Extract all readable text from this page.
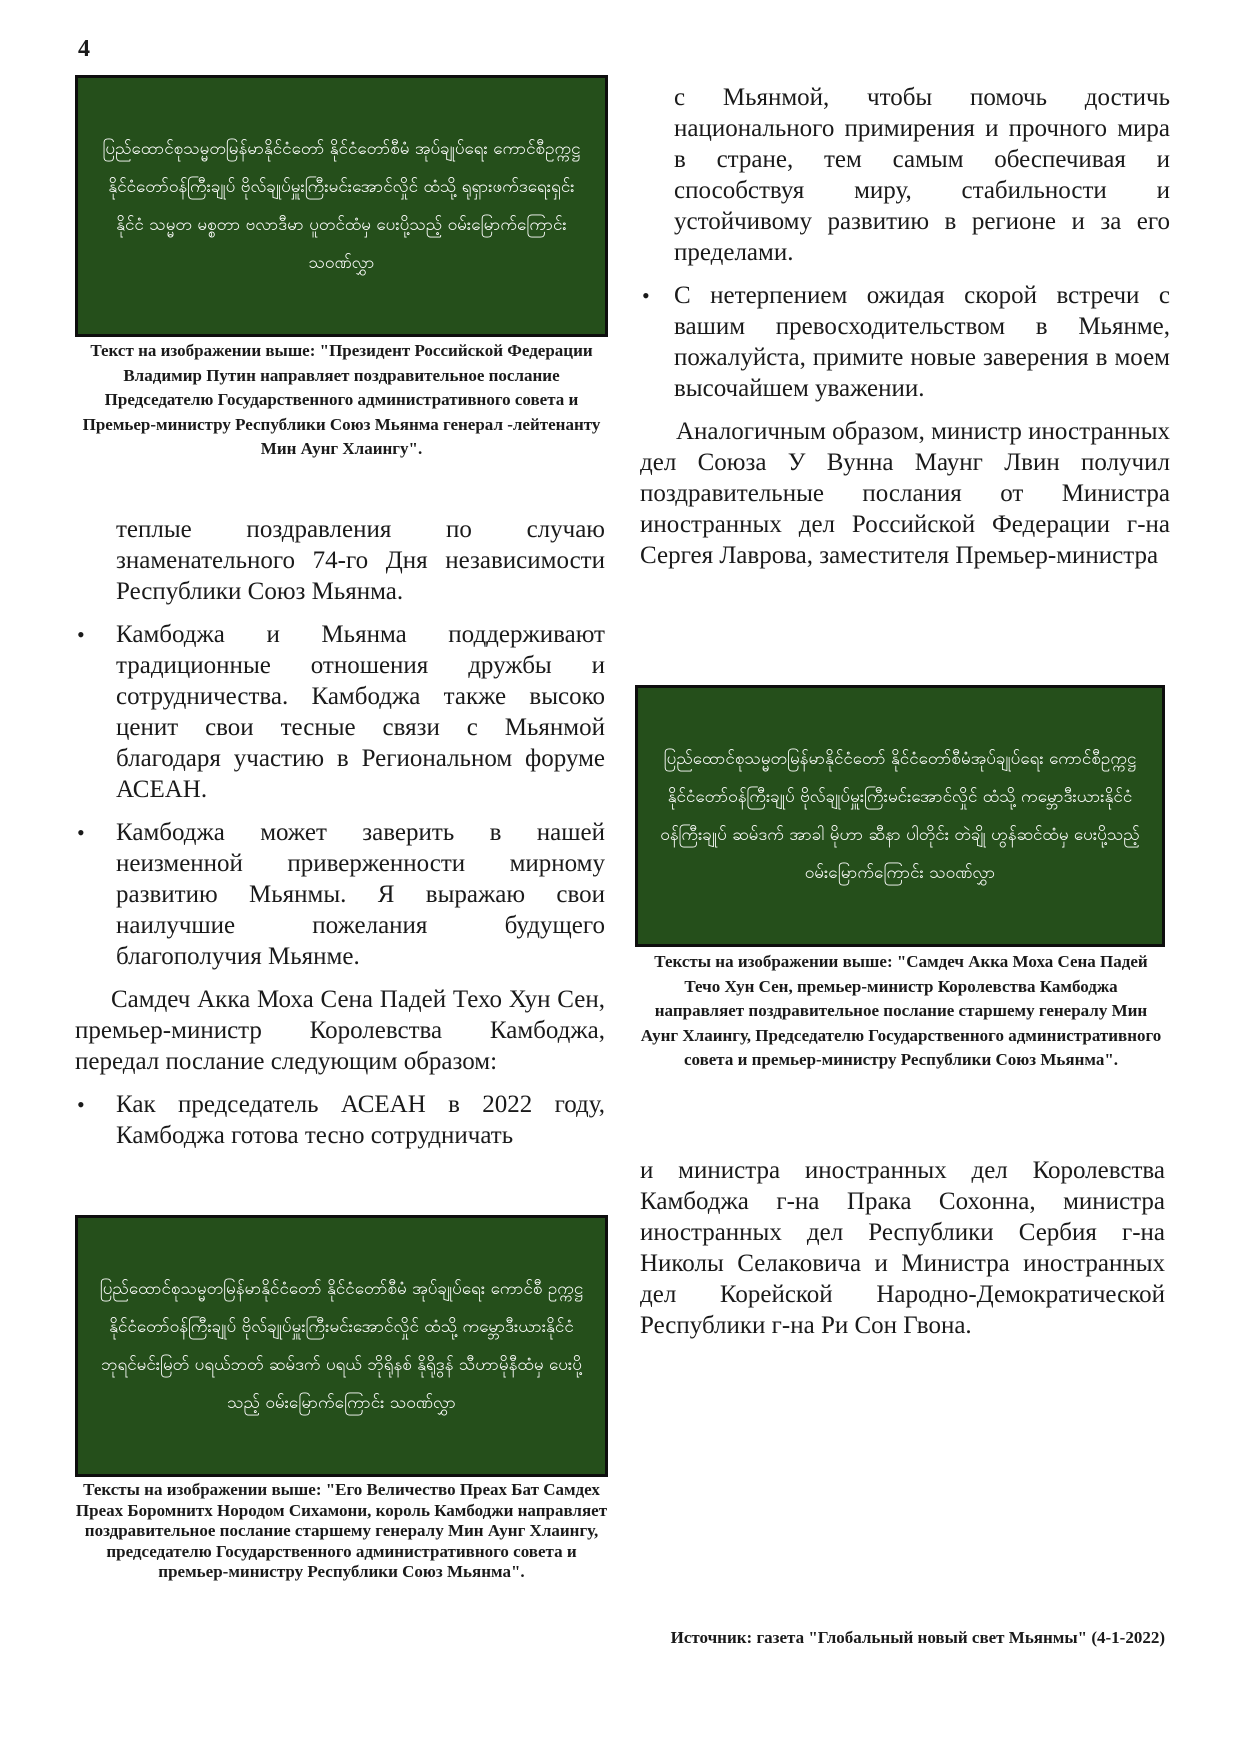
4
ပြည်ထောင်စုသမ္မတမြန်မာနိုင်ငံတော် နိုင်ငံတော်စီမံ အုပ်ချုပ်ရေး ကောင်စီဥက္ကဋ္ဌ နိုင်ငံတော်ဝန်ကြီးချုပ် ဗိုလ်ချုပ်မှူးကြီးမင်းအောင်လှိုင် ထံသို့ ရုရှားဖက်ဒရေးရှင်းနိုင်ငံ သမ္မတ မစ္စတာ ဗလာဒီမာ ပူတင်ထံမှ ပေးပို့သည့် ဝမ်းမြောက်ကြောင်း သဝဏ်လွှာ
Текст на изображении выше: "Президент Российской Федерации Владимир Путин направляет поздравительное послание Председателю Государственного административного совета и Премьер-министру Республики Союз Мьянма генерал -лейтенанту Мин Аунг Хлаингу".

теплые поздравления по случаю знаменательного 74-го Дня независимости Республики Союз Мьянма.

• Камбоджа и Мьянма поддерживают традиционные отношения дружбы и сотрудничества. Камбоджа также высоко ценит свои тесные связи с Мьянмой благодаря участию в Региональном форуме АСЕАН.
• Камбоджа может заверить в нашей неизменной приверженности мирному развитию Мьянмы. Я выражаю свои наилучшие пожелания будущего благополучия Мьянме.

Самдеч Акка Моха Сена Падей Техо Хун Сен, премьер-министр Королевства Камбоджа, передал послание следующим образом:

• Как председатель АСЕАН в 2022 году, Камбоджа готова тесно сотрудничать
ပြည်ထောင်စုသမ္မတမြန်မာနိုင်ငံတော် နိုင်ငံတော်စီမံ အုပ်ချုပ်ရေး ကောင်စီ ဥက္ကဋ္ဌ နိုင်ငံတော်ဝန်ကြီးချုပ် ဗိုလ်ချုပ်မှူးကြီးမင်းအောင်လှိုင် ထံသို့ ကမ္ဘောဒီးယားနိုင်ငံ ဘုရင်မင်းမြတ် ပရယ်ဘတ် ဆမ်ဒက် ပရယ် ဘိုရိုနစ် နိုရိုဒွန် သီဟာမိုနီထံမှ ပေးပို့သည့် ဝမ်းမြောက်ကြောင်း သဝဏ်လွှာ
Тексты на изображении выше: "Его Величество Преах Бат Самдех Преах Боромнитх Нородом Сихамони, король Камбоджи направляет поздравительное послание старшему генералу Мин Аунг Хлаингу, председателю Государственного административного совета и премьер-министру Республики Союз Мьянма".

с Мьянмой, чтобы помочь достичь национального примирения и прочного мира в стране, тем самым обеспечивая и способствуя миру, стабильности и устойчивому развитию в регионе и за его пределами.

• С нетерпением ожидая скорой встречи с вашим превосходительством в Мьянме, пожалуйста, примите новые заверения в моем высочайшем уважении.

Аналогичным образом, министр иностранных дел Союза У Вунна Маунг Лвин получил поздравительные послания от Министра иностранных дел Российской Федерации г-на Сергея Лаврова, заместителя Премьер-министра

ပြည်ထောင်စုသမ္မတမြန်မာနိုင်ငံတော် နိုင်ငံတော်စီမံအုပ်ချုပ်ရေး ကောင်စီဥက္ကဋ္ဌ နိုင်ငံတော်ဝန်ကြီးချုပ် ဗိုလ်ချုပ်မှူးကြီးမင်းအောင်လှိုင် ထံသို့ ကမ္ဘောဒီးယားနိုင်ငံ ဝန်ကြီးချုပ် ဆမ်ဒက် အာခါ မိုဟာ ဆီနာ ပါတိုင်း တဲချို ဟွန်ဆင်ထံမှ ပေးပို့သည့် ဝမ်းမြောက်ကြောင်း သဝဏ်လွှာ
Тексты на изображении выше: "Самдеч Акка Моха Сена Падей Течо Хун Сен, премьер-министр Королевства Камбоджа направляет поздравительное послание старшему генералу Мин Аунг Хлаингу, Председателю Государственного административного совета и премьер-министру Республики Союз Мьянма".

и министра иностранных дел Королевства Камбоджа г-на Прака Сохонна, министра иностранных дел Республики Сербия г-на Николы Селаковича и Министра иностранных дел Корейской Народно-Демократической Республики г-на Ри Сон Гвона.

Источник: газета "Глобальный новый свет Мьянмы" (4-1-2022)
